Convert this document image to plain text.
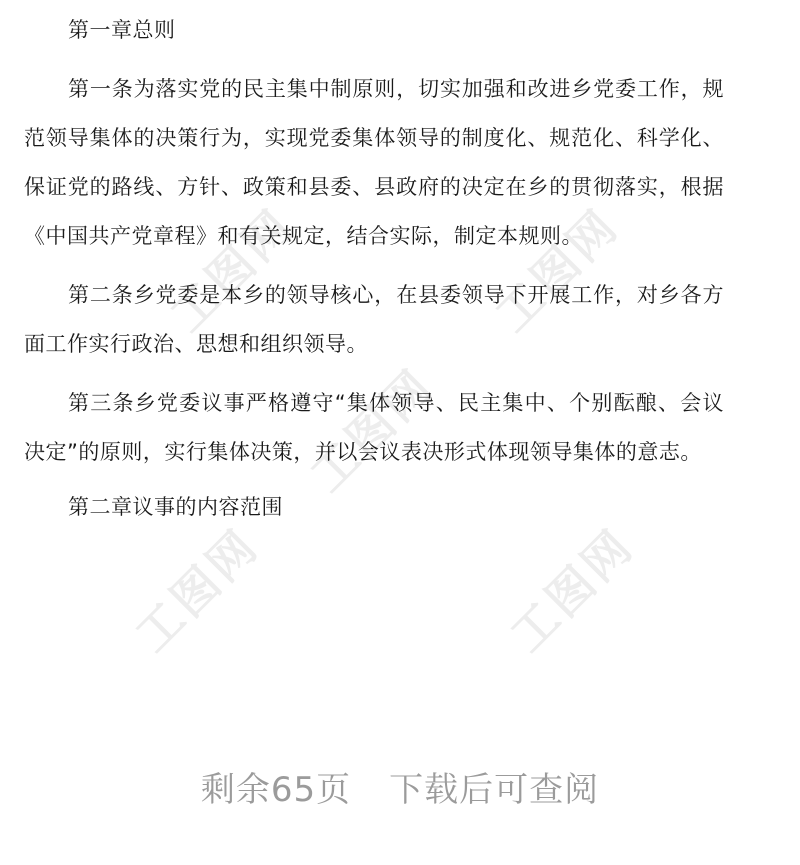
工图网	工图网
工图网
工图网	工图网

第一章总则

第一条为落实党的民主集中制原则，切实加强和改进乡党委工作，规范领导集体的决策行为，实现党委集体领导的制度化、规范化、科学化、保证党的路线、方针、政策和县委、县政府的决定在乡的贯彻落实，根据《中国共产党章程》和有关规定，结合实际，制定本规则。

第二条乡党委是本乡的领导核心，在县委领导下开展工作，对乡各方面工作实行政治、思想和组织领导。

第三条乡党委议事严格遵守“集体领导、民主集中、个别酝酿、会议决定”的原则，实行集体决策，并以会议表决形式体现领导集体的意志。

第二章议事的内容范围

剩余65页 下载后可查阅
